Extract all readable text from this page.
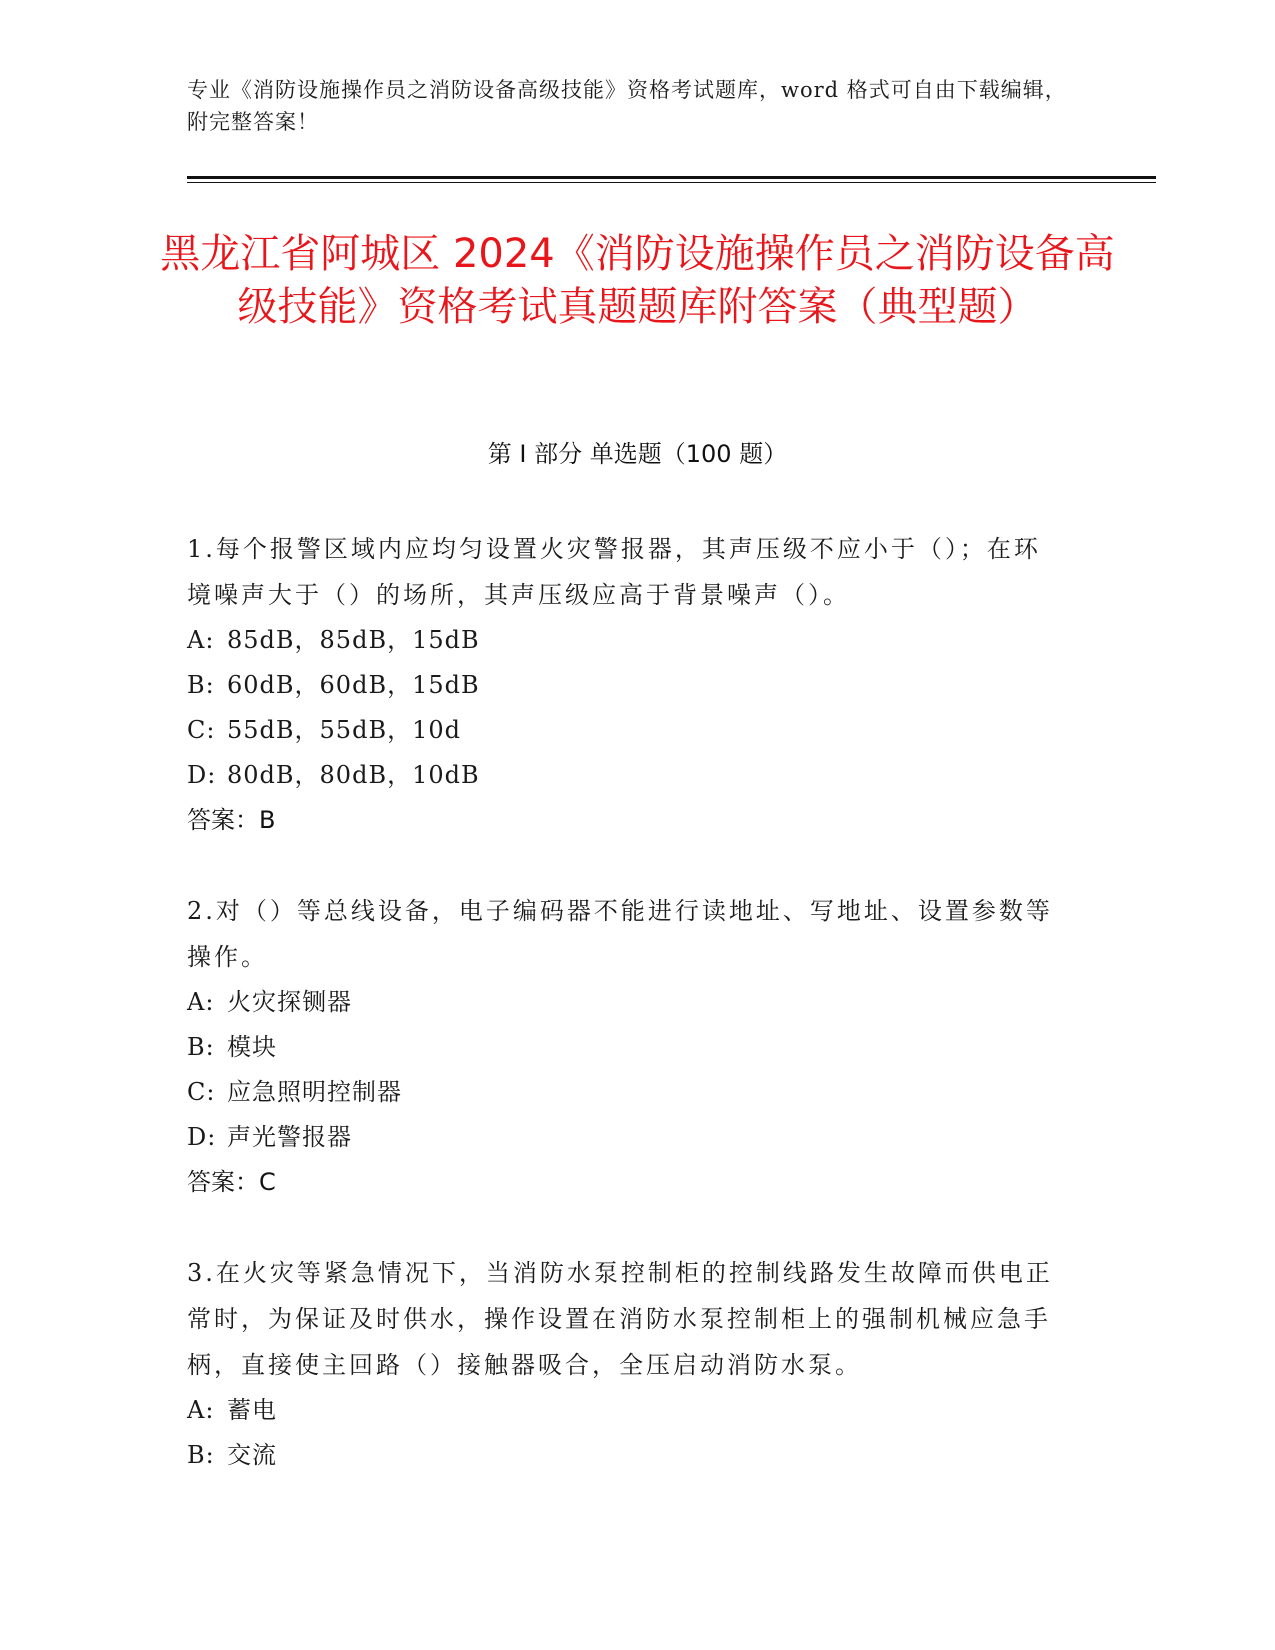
专业《消防设施操作员之消防设备高级技能》资格考试题库，word 格式可自由下载编辑，附完整答案！
黑龙江省阿城区 2024《消防设施操作员之消防设备高级技能》资格考试真题题库附答案（典型题）
第 I 部分 单选题（100 题）

1.每个报警区域内应均匀设置火灾警报器，其声压级不应小于（）；在环境噪声大于（）的场所，其声压级应高于背景噪声（）。

A: 85dB，85dB，15dB

B: 60dB，60dB，15dB

C: 55dB，55dB，10d

D: 80dB，80dB，10dB

答案：B

2.对（）等总线设备，电子编码器不能进行读地址、写地址、设置参数等操作。

A: 火灾探铡器

B: 模块

C: 应急照明控制器

D: 声光警报器

答案：C

3.在火灾等紧急情况下，当消防水泵控制柜的控制线路发生故障而供电正常时，为保证及时供水，操作设置在消防水泵控制柜上的强制机械应急手柄，直接使主回路（）接触器吸合，全压启动消防水泵。

A: 蓄电

B: 交流
